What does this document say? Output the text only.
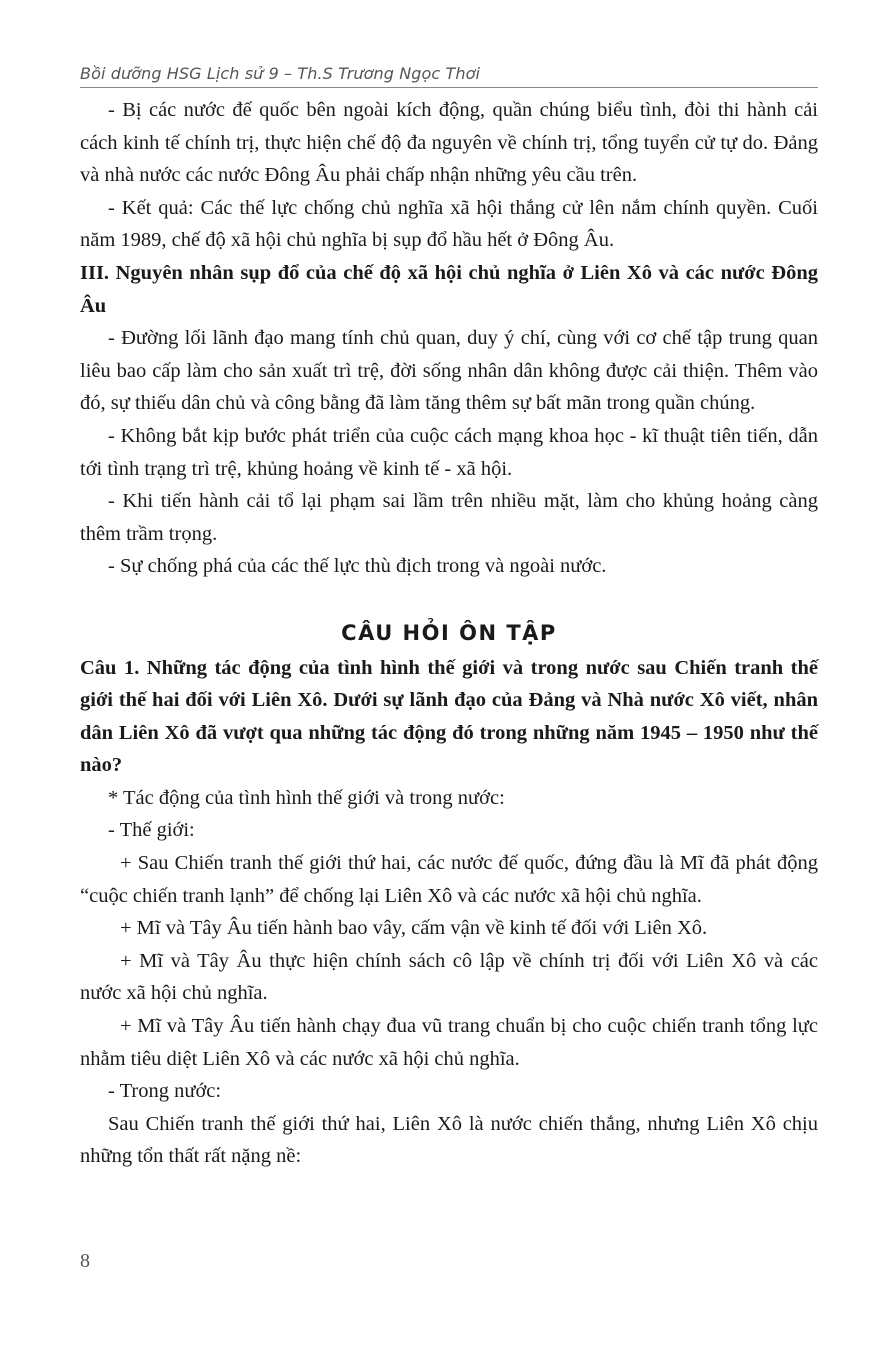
Bồi dưỡng HSG Lịch sử 9 – Th.S Trương Ngọc Thơi

- Bị các nước đế quốc bên ngoài kích động, quần chúng biểu tình, đòi thi hành cải cách kinh tế chính trị, thực hiện chế độ đa nguyên về chính trị, tổng tuyển cử tự do. Đảng và nhà nước các nước Đông Âu phải chấp nhận những yêu cầu trên.

- Kết quả: Các thế lực chống chủ nghĩa xã hội thắng cử lên nắm chính quyền. Cuối năm 1989, chế độ xã hội chủ nghĩa bị sụp đổ hầu hết ở Đông Âu.

III. Nguyên nhân sụp đổ của chế độ xã hội chủ nghĩa ở Liên Xô và các nước Đông Âu

- Đường lối lãnh đạo mang tính chủ quan, duy ý chí, cùng với cơ chế tập trung quan liêu bao cấp làm cho sản xuất trì trệ, đời sống nhân dân không được cải thiện. Thêm vào đó, sự thiếu dân chủ và công bằng đã làm tăng thêm sự bất mãn trong quần chúng.

- Không bắt kịp bước phát triển của cuộc cách mạng khoa học - kĩ thuật tiên tiến, dẫn tới tình trạng trì trệ, khủng hoảng về kinh tế - xã hội.

- Khi tiến hành cải tổ lại phạm sai lầm trên nhiều mặt, làm cho khủng hoảng càng thêm trầm trọng.

- Sự chống phá của các thế lực thù địch trong và ngoài nước.

CÂU HỎI ÔN TẬP

Câu 1. Những tác động của tình hình thế giới và trong nước sau Chiến tranh thế giới thế hai đối với Liên Xô. Dưới sự lãnh đạo của Đảng và Nhà nước Xô viết, nhân dân Liên Xô đã vượt qua những tác động đó trong những năm 1945 – 1950 như thế nào?

* Tác động của tình hình thế giới và trong nước:

- Thế giới:

+ Sau Chiến tranh thế giới thứ hai, các nước đế quốc, đứng đầu là Mĩ đã phát động “cuộc chiến tranh lạnh” để chống lại Liên Xô và các nước xã hội chủ nghĩa.

+ Mĩ và Tây Âu tiến hành bao vây, cấm vận về kinh tế đối với Liên Xô.

+ Mĩ và Tây Âu thực hiện chính sách cô lập về chính trị đối với Liên Xô và các nước xã hội chủ nghĩa.

+ Mĩ và Tây Âu tiến hành chạy đua vũ trang chuẩn bị cho cuộc chiến tranh tổng lực nhằm tiêu diệt Liên Xô và các nước xã hội chủ nghĩa.

- Trong nước:

Sau Chiến tranh thế giới thứ hai, Liên Xô là nước chiến thắng, nhưng Liên Xô chịu những tổn thất rất nặng nề:

8
